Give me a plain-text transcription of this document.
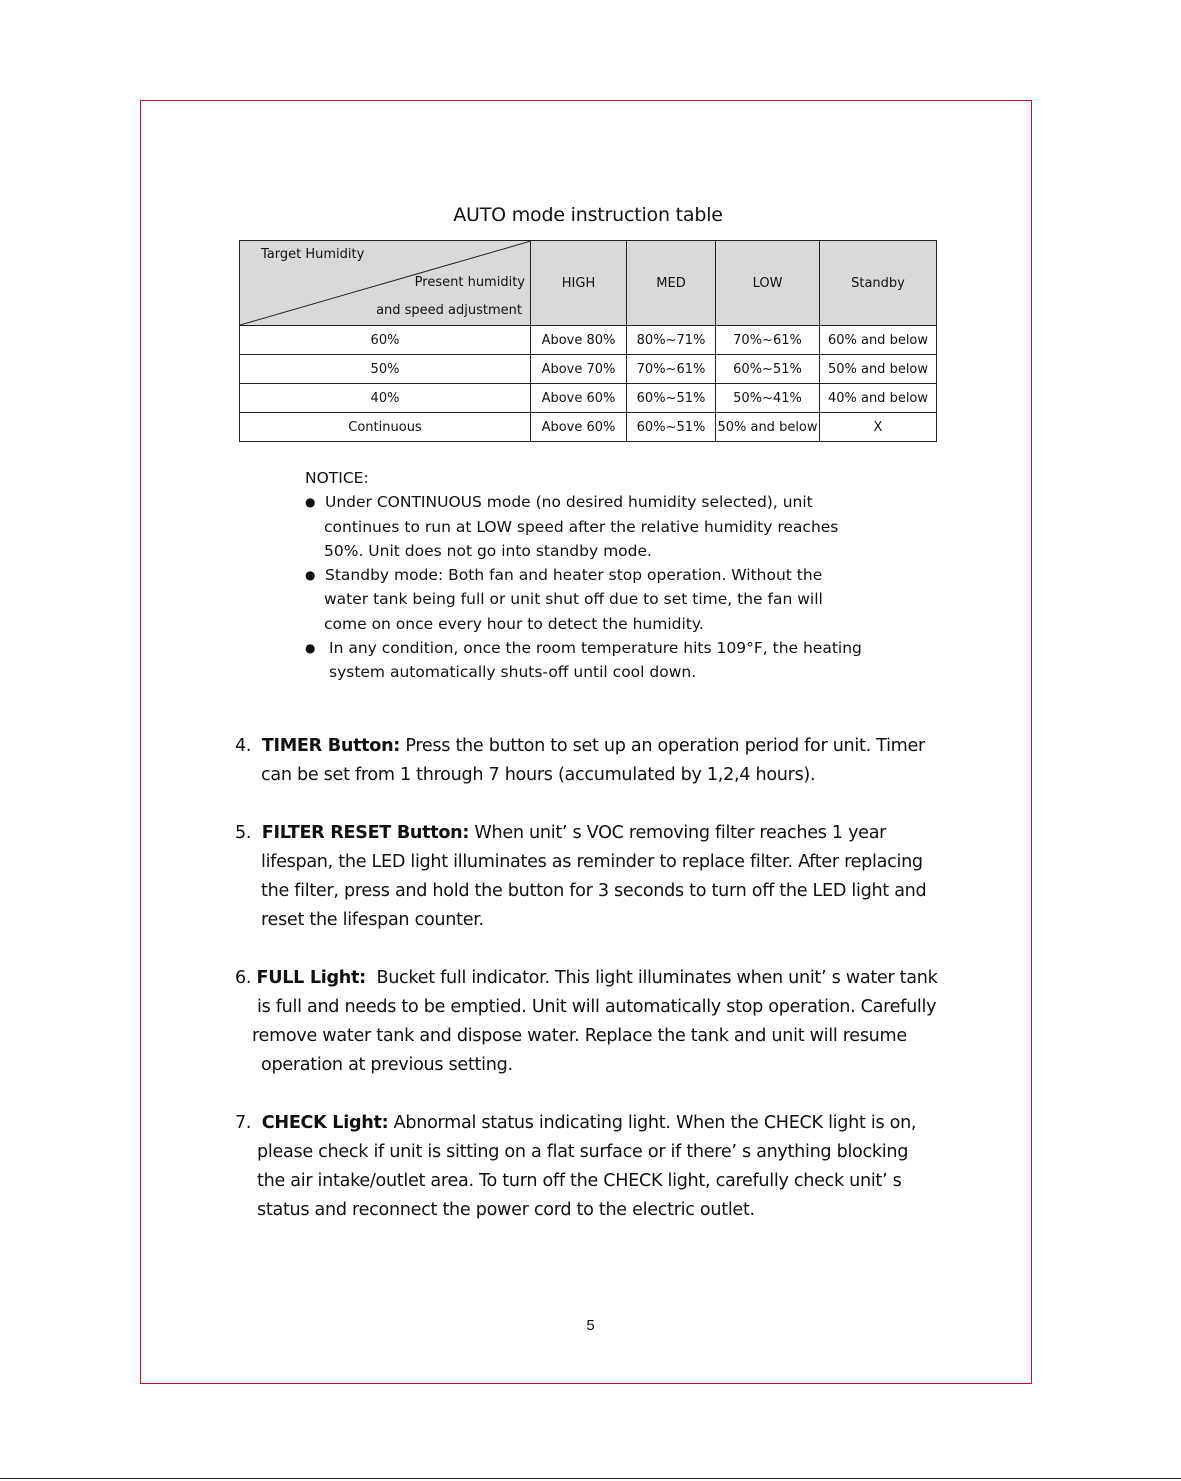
AUTO mode instruction table
Target Humidity
Present humidity
and speed adjustment	HIGH	MED	LOW	Standby
60%	Above 80%	80%~71%	70%~61%	60% and below
50%	Above 70%	70%~61%	60%~51%	50% and below
40%	Above 60%	60%~51%	50%~41%	40% and below
Continuous	Above 60%	60%~51%	50% and below	X

NOTICE:

● Under CONTINUOUS mode (no desired humidity selected), unit
continues to run at LOW speed after the relative humidity reaches
50%. Unit does not go into standby mode.
● Standby mode: Both fan and heater stop operation. Without the
water tank being full or unit shut off due to set time, the fan will
come on once every hour to detect the humidity.
● In any condition, once the room temperature hits 109°F, the heating
system automatically shuts-off until cool down.
4. TIMER Button: Press the button to set up an operation period for unit. Timer
can be set from 1 through 7 hours (accumulated by 1,2,4 hours).
5. FILTER RESET Button: When unit’ s VOC removing filter reaches 1 year
lifespan, the LED light illuminates as reminder to replace filter. After replacing
the filter, press and hold the button for 3 seconds to turn off the LED light and
reset the lifespan counter.
6. FULL Light: Bucket full indicator. This light illuminates when unit’ s water tank
is full and needs to be emptied. Unit will automatically stop operation. Carefully
remove water tank and dispose water. Replace the tank and unit will resume
operation at previous setting.
7. CHECK Light: Abnormal status indicating light. When the CHECK light is on,
please check if unit is sitting on a flat surface or if there’ s anything blocking
the air intake/outlet area. To turn off the CHECK light, carefully check unit’ s
status and reconnect the power cord to the electric outlet.
5
